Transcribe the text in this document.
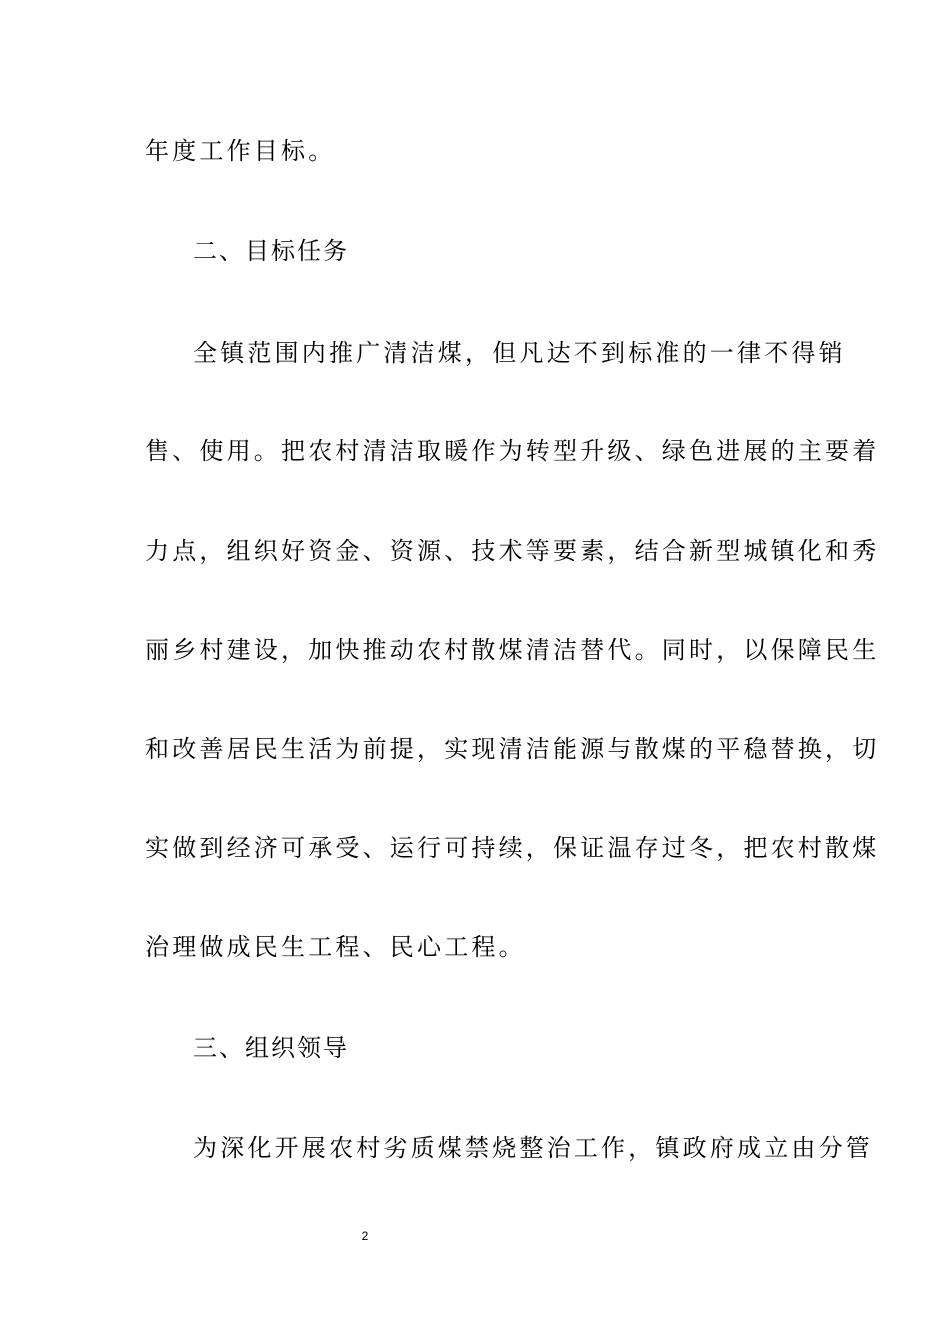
年度工作目标。
二、目标任务
全镇范围内推广清洁煤，但凡达不到标准的一律不得销
售、使用。把农村清洁取暖作为转型升级、绿色进展的主要着
力点，组织好资金、资源、技术等要素，结合新型城镇化和秀
丽乡村建设，加快推动农村散煤清洁替代。同时，以保障民生
和改善居民生活为前提，实现清洁能源与散煤的平稳替换，切
实做到经济可承受、运行可持续，保证温存过冬，把农村散煤
治理做成民生工程、民心工程。
三、组织领导
为深化开展农村劣质煤禁烧整治工作，镇政府成立由分管
2
